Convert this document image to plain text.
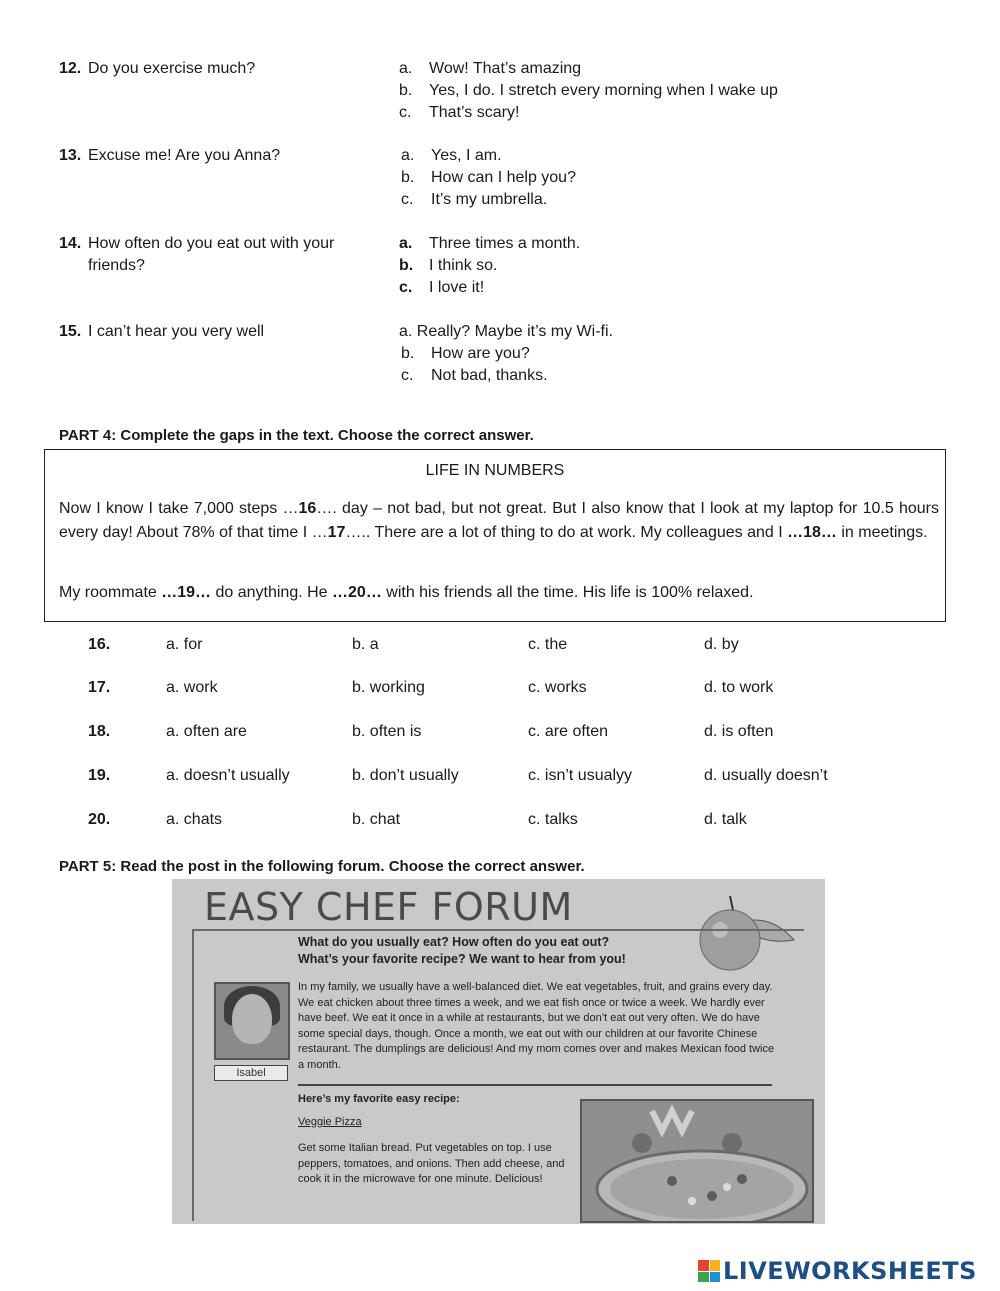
12. Do you exercise much?	a. Wow! That’s amazing
b. Yes, I do. I stretch every morning when I wake up
c. That’s scary!
13. Excuse me! Are you Anna?	a. Yes, I am.
b. How can I help you?
c. It’s my umbrella.
14. How often do you eat out with your friends?
a. Three times a month.
b. I think so.
c. I love it!
15. I can’t hear you very well	a. Really? Maybe it’s my Wi-fi.
b. How are you?
c. Not bad, thanks.
PART 4: Complete the gaps in the text. Choose the correct answer.
LIFE IN NUMBERS
Now I know I take 7,000 steps …16…. day – not bad, but not great. But I also know that I look at my laptop for 10.5 hours every day! About 78% of that time I …17….. There are a lot of thing to do at work. My colleagues and I …18… in meetings.
My roommate …19… do anything. He …20… with his friends all the time. His life is 100% relaxed.
16.	a. for	b. a	c. the	d. by
17.	a. work	b. working	c. works	d. to work
18.	a. often are	b. often is	c. are often	d. is often
19.	a. doesn’t usually	b. don’t usually	c. isn’t usualyy	d. usually doesn’t
20.	a. chats	b. chat	c. talks	d. talk
PART 5: Read the post in the following forum. Choose the correct answer.
EASY CHEF FORUM
What do you usually eat? How often do you eat out?
What’s your favorite recipe? We want to hear from you!
Isabel
In my family, we usually have a well-balanced diet. We eat vegetables, fruit, and grains every day. We eat chicken about three times a week, and we eat fish once or twice a week. We hardly ever have beef. We eat it once in a while at restaurants, but we don’t eat out very often. We do have some special days, though. Once a month, we eat out with our children at our favorite Chinese restaurant. The dumplings are delicious! And my mom comes over and makes Mexican food twice a month.
Here’s my favorite easy recipe:
Veggie Pizza
Get some Italian bread. Put vegetables on top. I use peppers, tomatoes, and onions. Then add cheese, and cook it in the microwave for one minute. Delicious!
LIVEWORKSHEETS
